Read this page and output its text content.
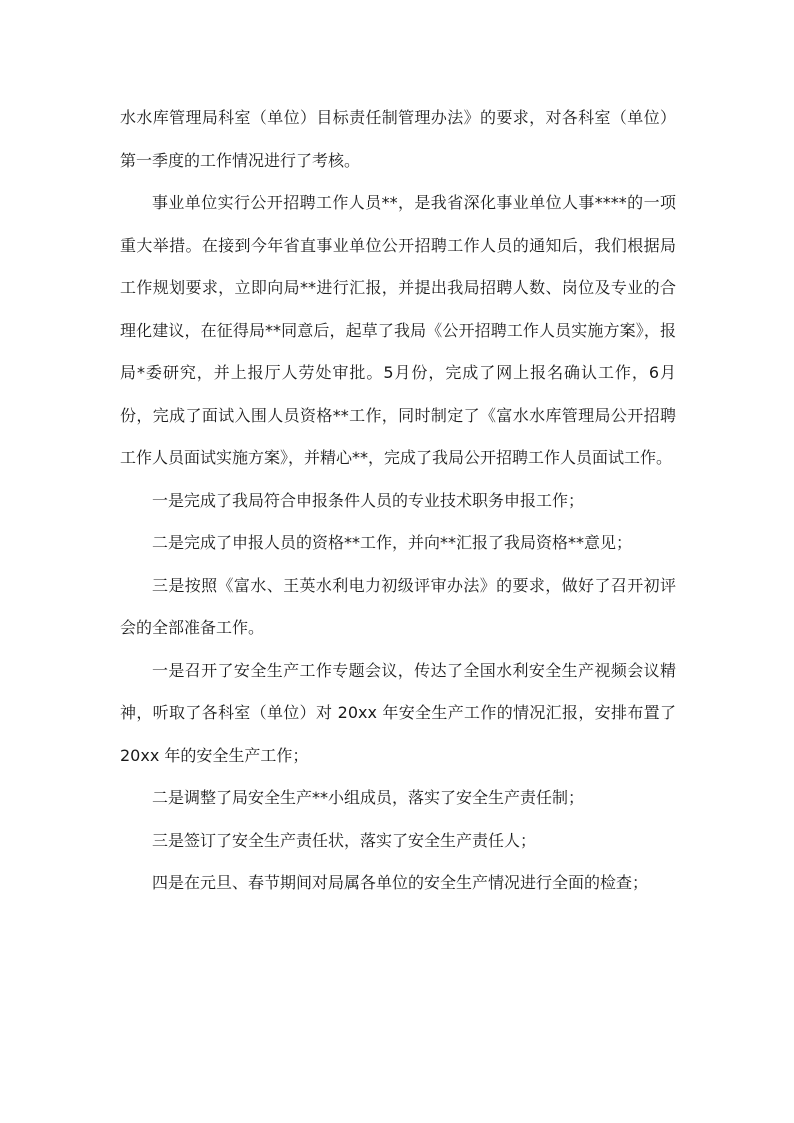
水水库管理局科室（单位）目标责任制管理办法》的要求，对各科室（单位）第一季度的工作情况进行了考核。

事业单位实行公开招聘工作人员**，是我省深化事业单位人事****的一项重大举措。在接到今年省直事业单位公开招聘工作人员的通知后，我们根据局工作规划要求，立即向局**进行汇报，并提出我局招聘人数、岗位及专业的合理化建议，在征得局**同意后，起草了我局《公开招聘工作人员实施方案》，报局*委研究，并上报厅人劳处审批。5月份，完成了网上报名确认工作，6月份，完成了面试入围人员资格**工作，同时制定了《富水水库管理局公开招聘工作人员面试实施方案》，并精心**，完成了我局公开招聘工作人员面试工作。

一是完成了我局符合申报条件人员的专业技术职务申报工作；

二是完成了申报人员的资格**工作，并向**汇报了我局资格**意见；

三是按照《富水、王英水利电力初级评审办法》的要求，做好了召开初评会的全部准备工作。

一是召开了安全生产工作专题会议，传达了全国水利安全生产视频会议精神，听取了各科室（单位）对 20xx 年安全生产工作的情况汇报，安排布置了 20xx 年的安全生产工作；

二是调整了局安全生产**小组成员，落实了安全生产责任制；

三是签订了安全生产责任状，落实了安全生产责任人；

四是在元旦、春节期间对局属各单位的安全生产情况进行全面的检查；
